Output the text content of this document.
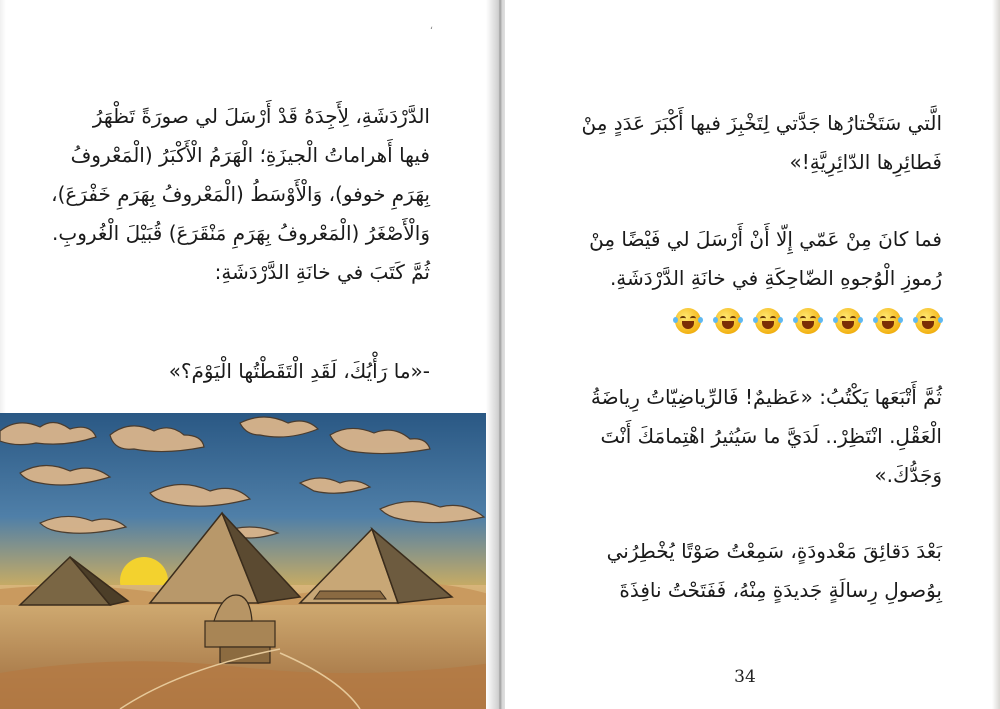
ʻ
الدَّرْدَشَةِ، لِأَجِدَهُ قَدْ أَرْسَلَ لي صورَةً تَظْهَرُ
فيها أَهراماتُ الْجيزَةِ؛ الْهَرَمُ الْأَكْبَرُ (الْمَعْروفُ
بِهَرَمِ خوفو)، وَالْأَوْسَطُ (الْمَعْروفُ بِهَرَمِ خَفْرَعَ)،
وَالْأَصْغَرُ (الْمَعْروفُ بِهَرَمِ مَنْقَرَعَ) قُبَيْلَ الْغُروبِ.
ثُمَّ كَتَبَ في خانَةِ الدَّرْدَشَةِ:
-«ما رَأْيُكَ، لَقَدِ الْتَقَطْتُها الْيَوْمَ؟»
الَّتي سَتَخْتارُها جَدَّتي لِتَخْبِزَ فيها أَكْبَرَ عَدَدٍ مِنْ
فَطائِرِها الدّائِرِيَّةِ!»
فما كانَ مِنْ عَمّي إِلّا أَنْ أَرْسَلَ لي فَيْضًا مِنْ
رُموزِ الْوُجوهِ الضّاحِكَةِ في خانَةِ الدَّرْدَشَةِ.
ثُمَّ أَتْبَعَها يَكْتُبُ: «عَظيمٌ! فَالرِّياضِيّاتُ رِياضَةُ
الْعَقْلِ. انْتَظِرْ.. لَدَيَّ ما سَيُثيرُ اهْتِمامَكَ أَنْتَ
وَجَدُّكَ.»
بَعْدَ دَقائِقَ مَعْدودَةٍ، سَمِعْتُ صَوْتًا يُخْطِرُني
بِوُصولِ رِسالَةٍ جَديدَةٍ مِنْهُ، فَفَتَحْتُ نافِذَةَ
34
